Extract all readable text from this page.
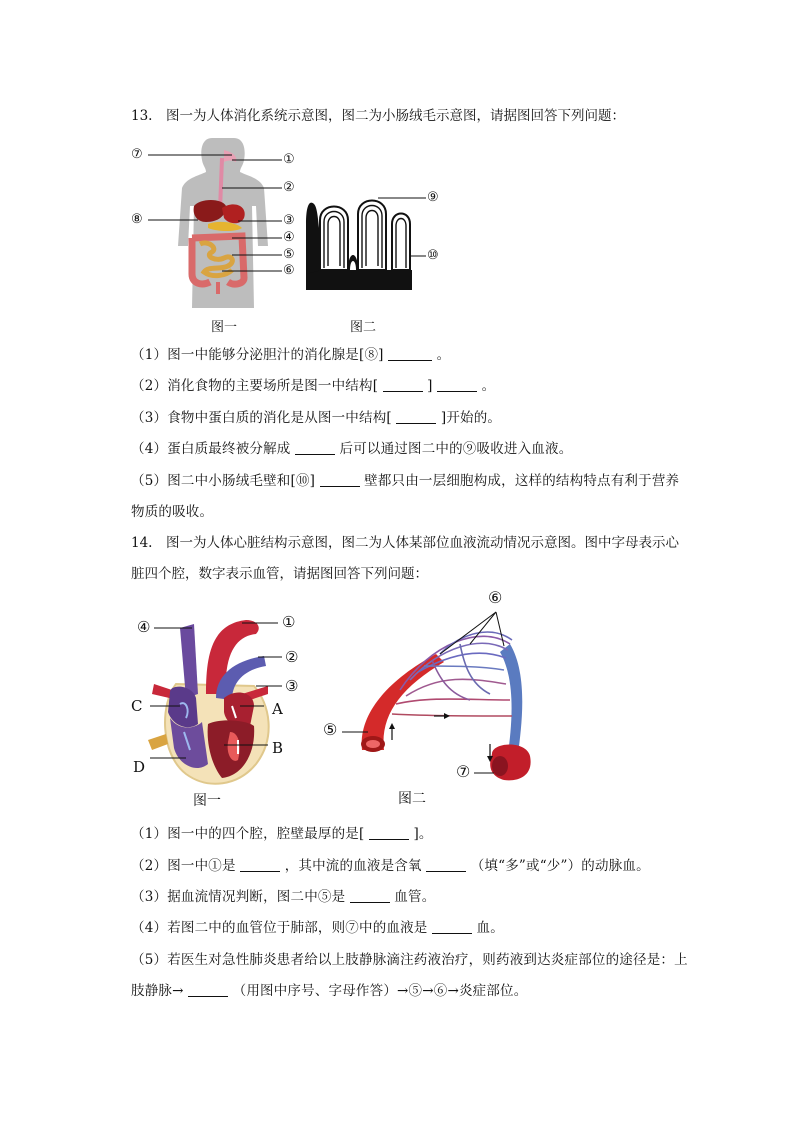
13.　图一为人体消化系统示意图，图二为小肠绒毛示意图，请据图回答下列问题：
⑦	①
②
⑧	③
④
⑤
⑥
⑨
⑩
图一	图二
（1）图一中能够分泌胆汁的消化腺是[⑧]	。
（2）消化食物的主要场所是图一中结构[	]	。
（3）食物中蛋白质的消化是从图一中结构[	]开始的。
（4）蛋白质最终被分解成	后可以通过图二中的⑨吸收进入血液。
（5）图二中小肠绒毛壁和[⑩]	壁都只由一层细胞构成，这样的结构特点有利于营养
物质的吸收。
14.　图一为人体心脏结构示意图，图二为人体某部位血液流动情况示意图。图中字母表示心
脏四个腔，数字表示血管，请据图回答下列问题：
④	①
②
③
C	A
B
D
⑥
⑤
⑦
图一	图二
（1）图一中的四个腔，腔壁最厚的是[	]。
（2）图一中①是	，其中流的血液是含氧	（填“多”或“少”）的动脉血。
（3）据血流情况判断，图二中⑤是	血管。
（4）若图二中的血管位于肺部，则⑦中的血液是	血。
（5）若医生对急性肺炎患者给以上肢静脉滴注药液治疗，则药液到达炎症部位的途径是：上
肢静脉→	（用图中序号、字母作答）→⑤→⑥→炎症部位。
